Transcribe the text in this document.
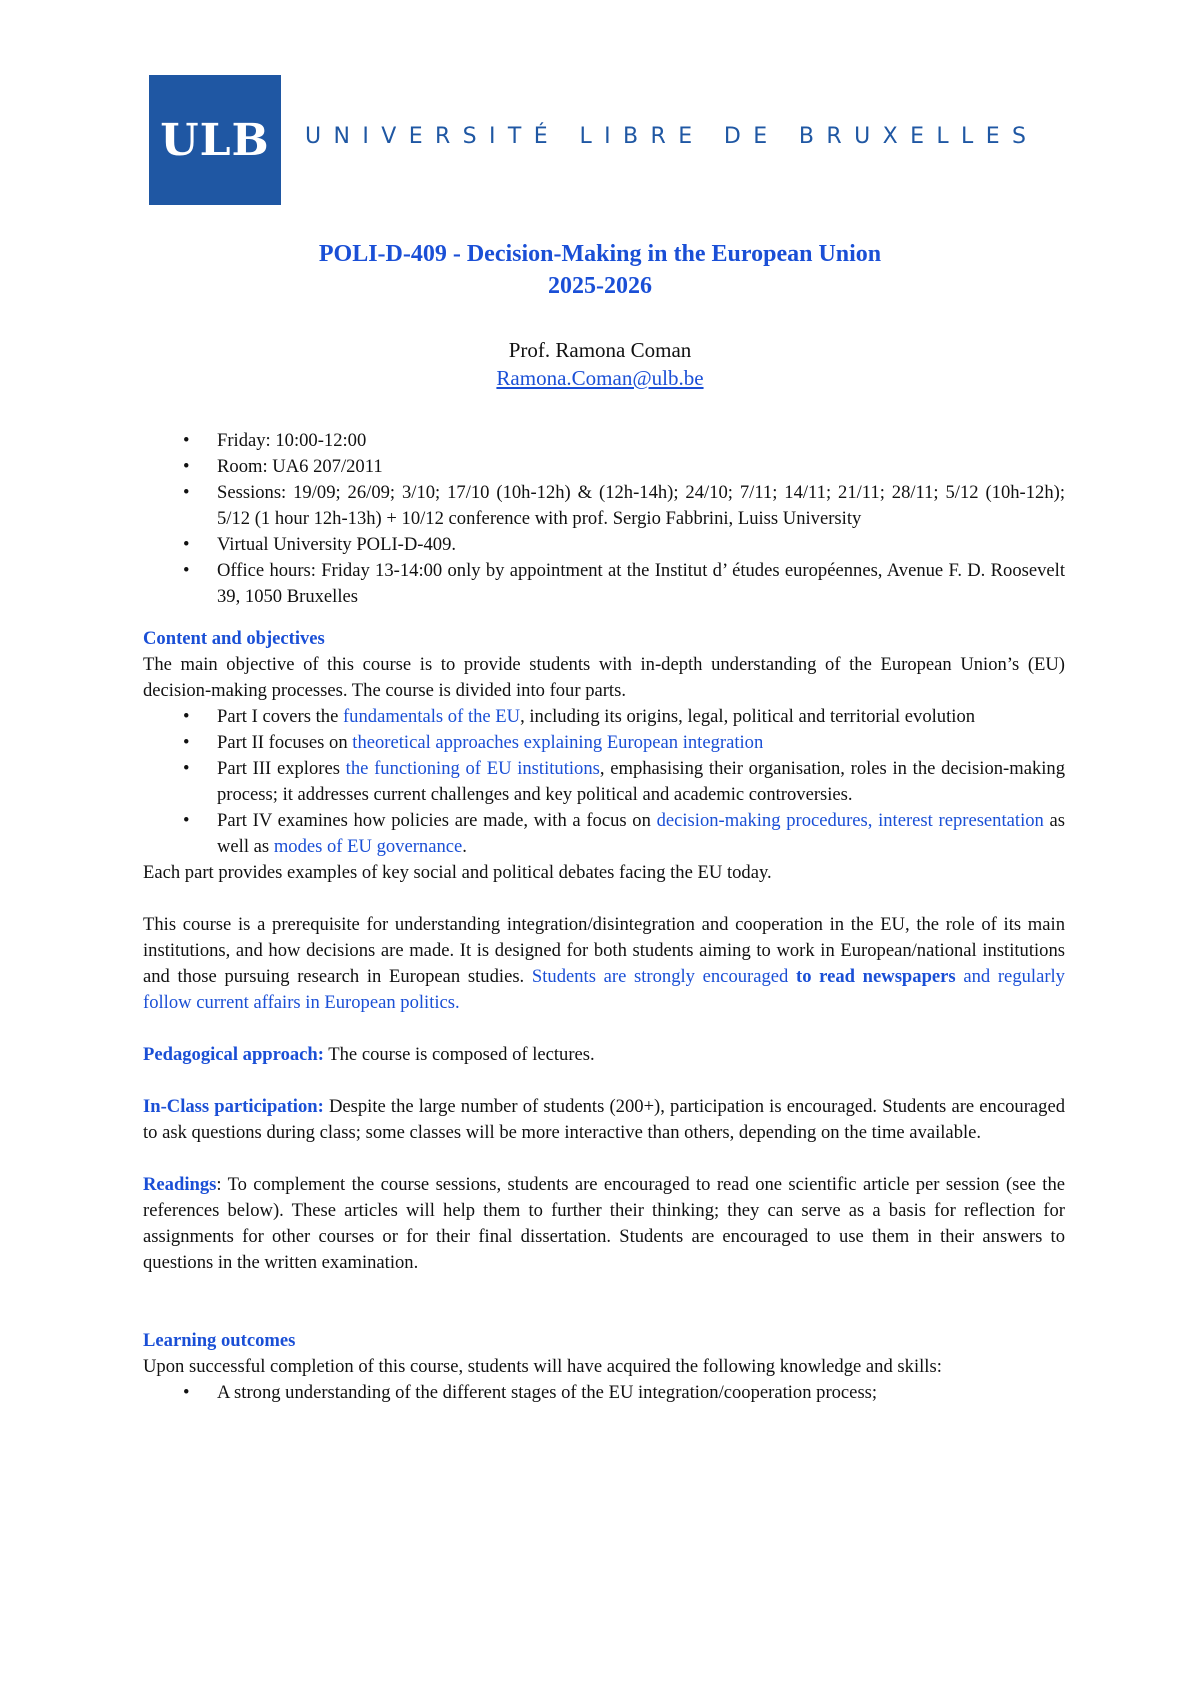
ULB UNIVERSITÉ LIBRE DE BRUXELLES
POLI-D-409 - Decision-Making in the European Union
2025-2026
Prof. Ramona Coman
Ramona.Coman@ulb.be
•	Friday: 10:00-12:00
•	Room: UA6 207/2011
•	Sessions: 19/09; 26/09; 3/10; 17/10 (10h-12h) & (12h-14h); 24/10; 7/11; 14/11; 21/11; 28/11; 5/12 (10h-12h); 5/12 (1 hour 12h-13h) + 10/12 conference with prof. Sergio Fabbrini, Luiss University
•	Virtual University POLI-D-409.
•	Office hours: Friday 13-14:00 only by appointment at the Institut d’ études européennes, Avenue F. D. Roosevelt 39, 1050 Bruxelles

Content and objectives

The main objective of this course is to provide students with in-depth understanding of the European Union’s (EU) decision-making processes. The course is divided into four parts.

•	Part I covers the fundamentals of the EU, including its origins, legal, political and territorial evolution
•	Part II focuses on theoretical approaches explaining European integration
•	Part III explores the functioning of EU institutions, emphasising their organisation, roles in the decision-making process; it addresses current challenges and key political and academic controversies.
•	Part IV examines how policies are made, with a focus on decision-making procedures, interest representation as well as modes of EU governance.

Each part provides examples of key social and political debates facing the EU today.

This course is a prerequisite for understanding integration/disintegration and cooperation in the EU, the role of its main institutions, and how decisions are made. It is designed for both students aiming to work in European/national institutions and those pursuing research in European studies. Students are strongly encouraged to read newspapers and regularly follow current affairs in European politics.

Pedagogical approach: The course is composed of lectures.

In-Class participation: Despite the large number of students (200+), participation is encouraged. Students are encouraged to ask questions during class; some classes will be more interactive than others, depending on the time available.

Readings: To complement the course sessions, students are encouraged to read one scientific article per session (see the references below). These articles will help them to further their thinking; they can serve as a basis for reflection for assignments for other courses or for their final dissertation. Students are encouraged to use them in their answers to questions in the written examination.

Learning outcomes

Upon successful completion of this course, students will have acquired the following knowledge and skills:

•	A strong understanding of the different stages of the EU integration/cooperation process;
